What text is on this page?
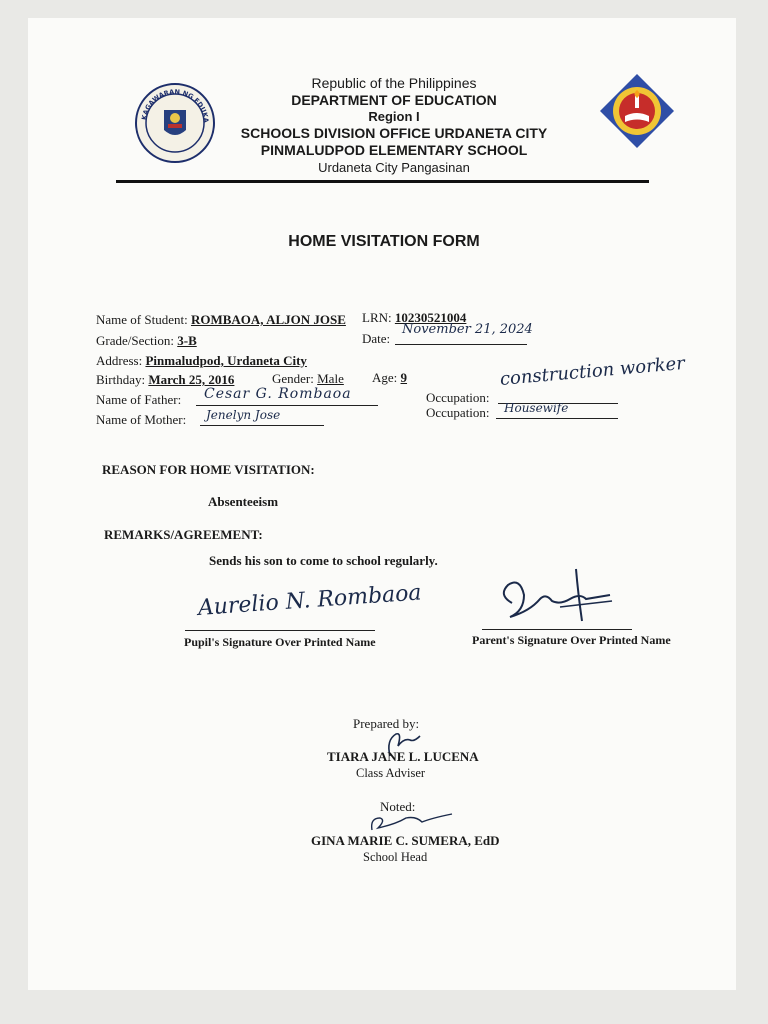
KAGAWARAN NG EDUKA
Republic of the Philippines
DEPARTMENT OF EDUCATION
Region I
SCHOOLS DIVISION OFFICE URDANETA CITY
PINMALUDPOD ELEMENTARY SCHOOL
Urdaneta City Pangasinan
HOME VISITATION FORM
Name of Student: ROMBAOA, ALJON JOSE LRN: 10230521004
Grade/Section: 3-B	Date:
November 21, 2024
Address: Pinmaludpod, Urdaneta City
Birthday: March 25, 2016	Gender: Male Age: 9
Name of Father: Cesar G. Rombaoa	Occupation:
construction worker
Name of Mother: Jenelyn Jose	Occupation: Housewife
REASON FOR HOME VISITATION:
Absenteeism
REMARKS/AGREEMENT:
Sends his son to come to school regularly.
Aurelio N. Rombaoa
Pupil's Signature Over Printed Name	Parent's Signature Over Printed Name
Prepared by:
TIARA JANE L. LUCENA
Class Adviser
Noted:
GINA MARIE C. SUMERA, EdD
School Head
